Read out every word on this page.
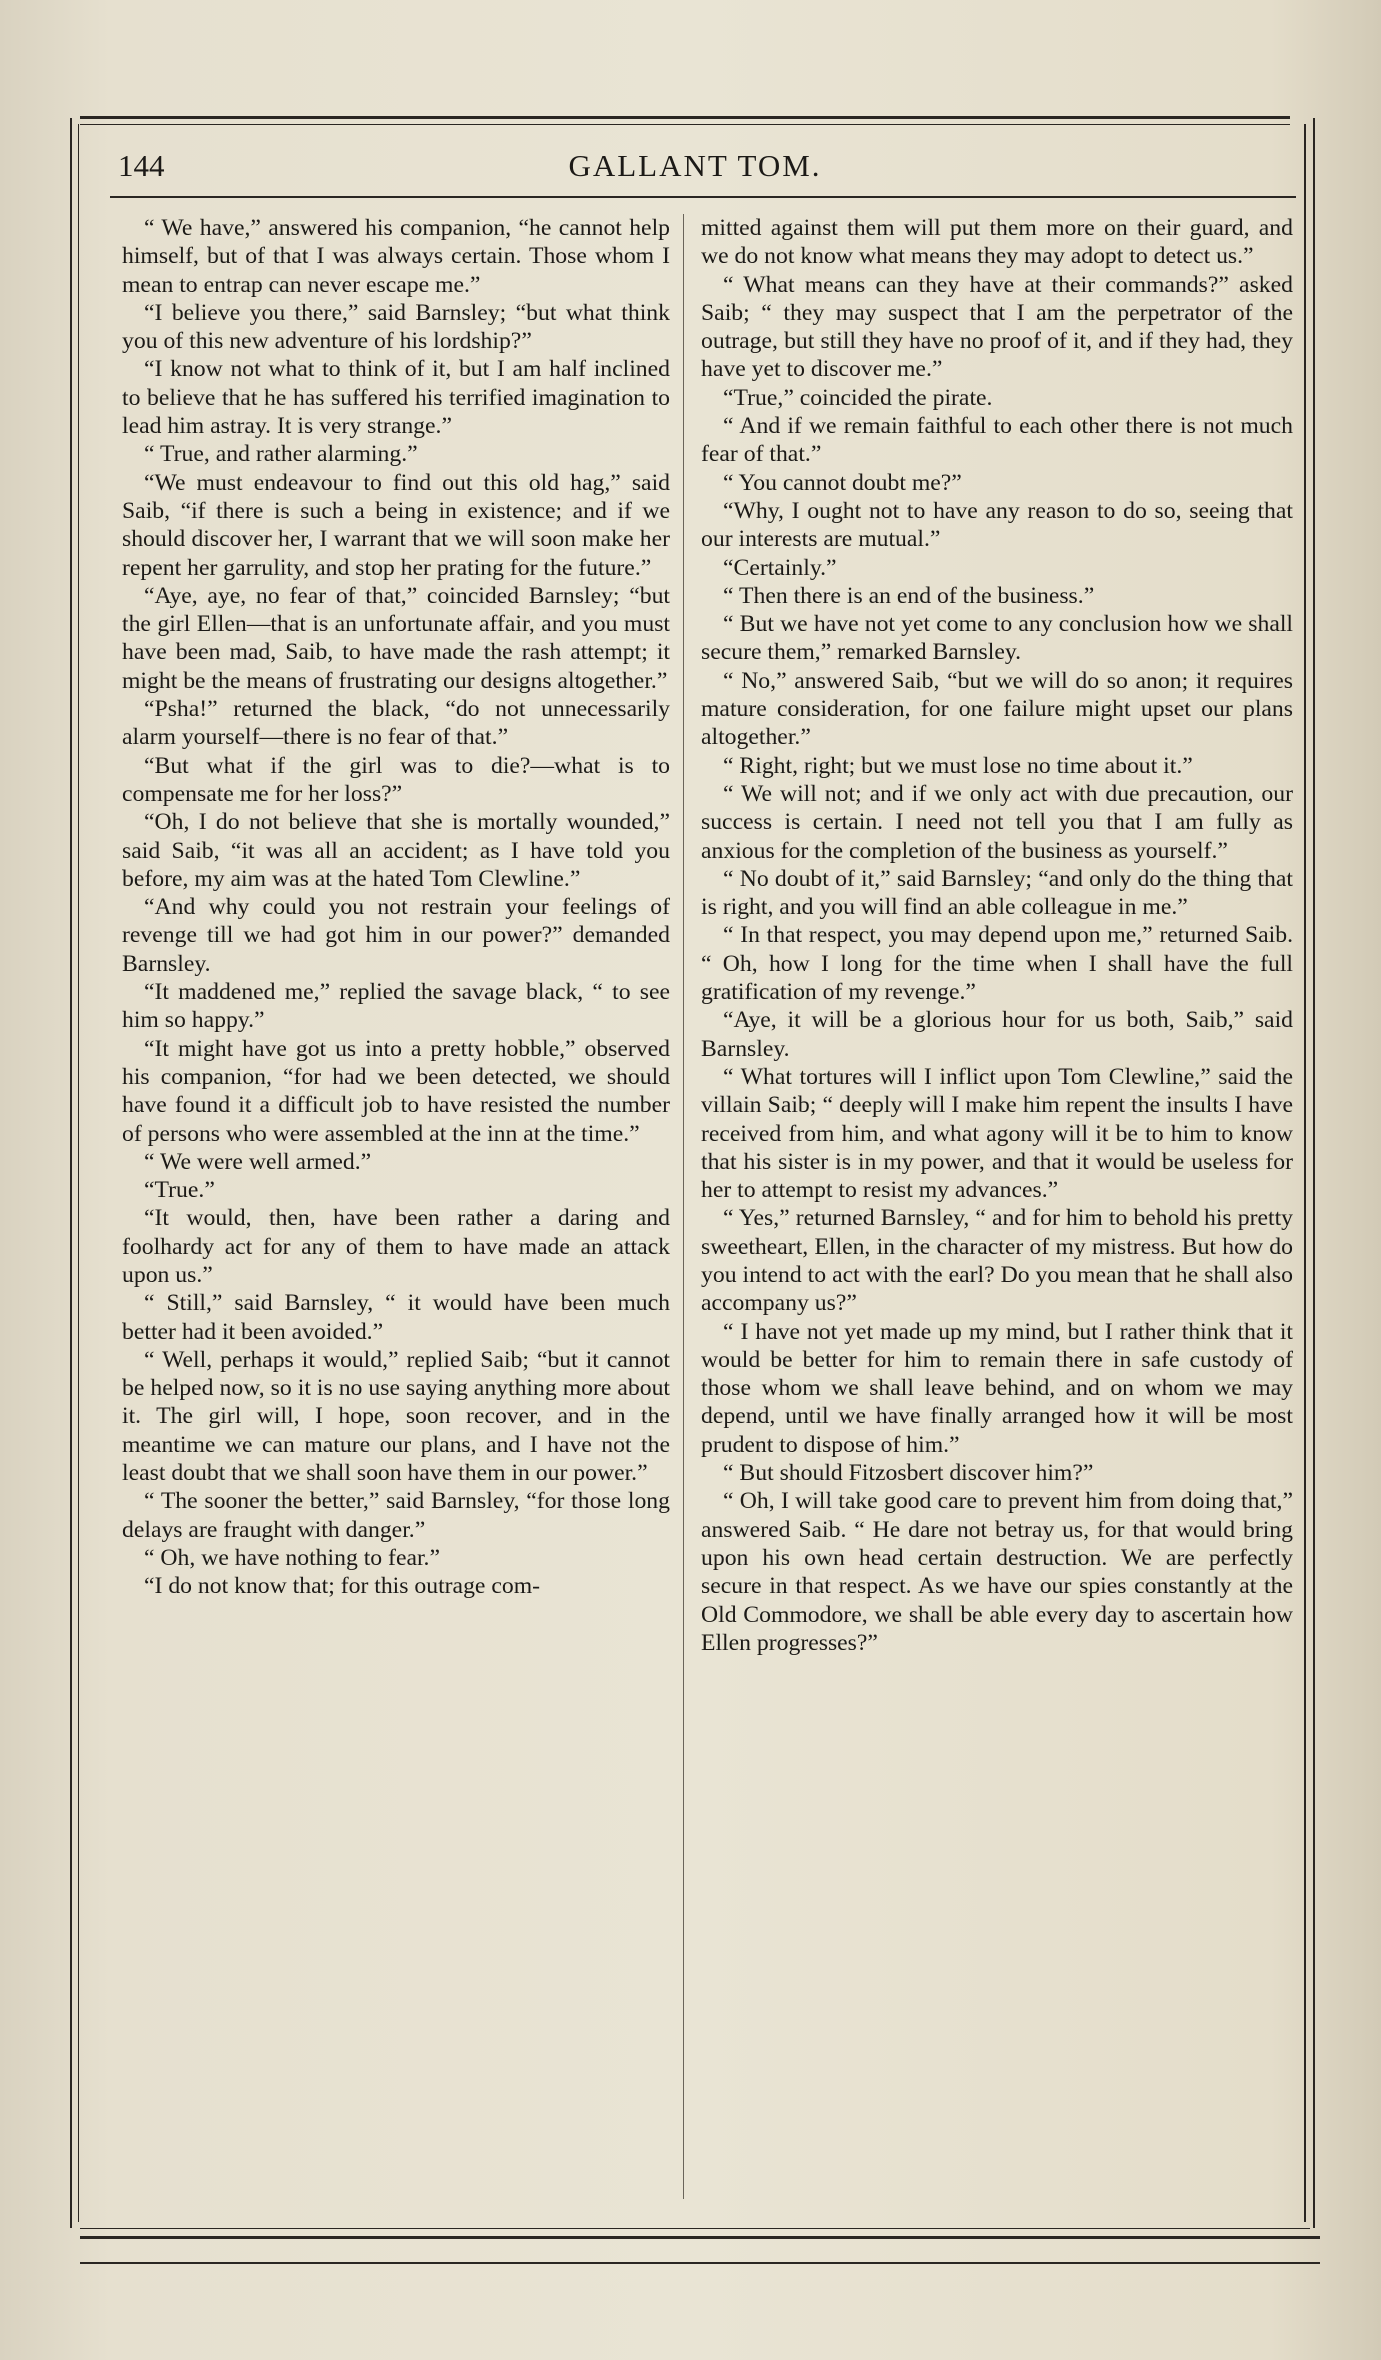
144	GALLANT TOM.

“ We have,” answered his companion, “he cannot help himself, but of that I was always certain. Those whom I mean to entrap can never escape me.”

“I believe you there,” said Barnsley; “but what think you of this new adventure of his lordship?”

“I know not what to think of it, but I am half inclined to believe that he has suffered his terrified imagination to lead him astray. It is very strange.”

“ True, and rather alarming.”

“We must endeavour to find out this old hag,” said Saib, “if there is such a being in existence; and if we should discover her, I warrant that we will soon make her repent her garrulity, and stop her prating for the future.”

“Aye, aye, no fear of that,” coincided Barnsley; “but the girl Ellen—that is an unfortunate affair, and you must have been mad, Saib, to have made the rash attempt; it might be the means of frustrating our designs altogether.”

“Psha!” returned the black, “do not unnecessarily alarm yourself—there is no fear of that.”

“But what if the girl was to die?—what is to compensate me for her loss?”

“Oh, I do not believe that she is mortally wounded,” said Saib, “it was all an accident; as I have told you before, my aim was at the hated Tom Clewline.”

“And why could you not restrain your feelings of revenge till we had got him in our power?” demanded Barnsley.

“It maddened me,” replied the savage black, “ to see him so happy.”

“It might have got us into a pretty hobble,” observed his companion, “for had we been detected, we should have found it a difficult job to have resisted the number of persons who were assembled at the inn at the time.”

“ We were well armed.”

“True.”

“It would, then, have been rather a daring and foolhardy act for any of them to have made an attack upon us.”

“ Still,” said Barnsley, “ it would have been much better had it been avoided.”

“ Well, perhaps it would,” replied Saib; “but it cannot be helped now, so it is no use saying anything more about it. The girl will, I hope, soon recover, and in the meantime we can mature our plans, and I have not the least doubt that we shall soon have them in our power.”

“ The sooner the better,” said Barnsley, “for those long delays are fraught with danger.”

“ Oh, we have nothing to fear.”

“I do not know that; for this outrage com-

mitted against them will put them more on their guard, and we do not know what means they may adopt to detect us.”

“ What means can they have at their commands?” asked Saib; “ they may suspect that I am the perpetrator of the outrage, but still they have no proof of it, and if they had, they have yet to discover me.”

“True,” coincided the pirate.

“ And if we remain faithful to each other there is not much fear of that.”

“ You cannot doubt me?”

“Why, I ought not to have any reason to do so, seeing that our interests are mutual.”

“Certainly.”

“ Then there is an end of the business.”

“ But we have not yet come to any conclusion how we shall secure them,” remarked Barnsley.

“ No,” answered Saib, “but we will do so anon; it requires mature consideration, for one failure might upset our plans altogether.”

“ Right, right; but we must lose no time about it.”

“ We will not; and if we only act with due precaution, our success is certain. I need not tell you that I am fully as anxious for the completion of the business as yourself.”

“ No doubt of it,” said Barnsley; “and only do the thing that is right, and you will find an able colleague in me.”

“ In that respect, you may depend upon me,” returned Saib. “ Oh, how I long for the time when I shall have the full gratification of my revenge.”

“Aye, it will be a glorious hour for us both, Saib,” said Barnsley.

“ What tortures will I inflict upon Tom Clewline,” said the villain Saib; “ deeply will I make him repent the insults I have received from him, and what agony will it be to him to know that his sister is in my power, and that it would be useless for her to attempt to resist my advances.”

“ Yes,” returned Barnsley, “ and for him to behold his pretty sweetheart, Ellen, in the character of my mistress. But how do you intend to act with the earl? Do you mean that he shall also accompany us?”

“ I have not yet made up my mind, but I rather think that it would be better for him to remain there in safe custody of those whom we shall leave behind, and on whom we may depend, until we have finally arranged how it will be most prudent to dispose of him.”

“ But should Fitzosbert discover him?”

“ Oh, I will take good care to prevent him from doing that,” answered Saib. “ He dare not betray us, for that would bring upon his own head certain destruction. We are perfectly secure in that respect. As we have our spies constantly at the Old Commodore, we shall be able every day to ascertain how Ellen progresses?”
